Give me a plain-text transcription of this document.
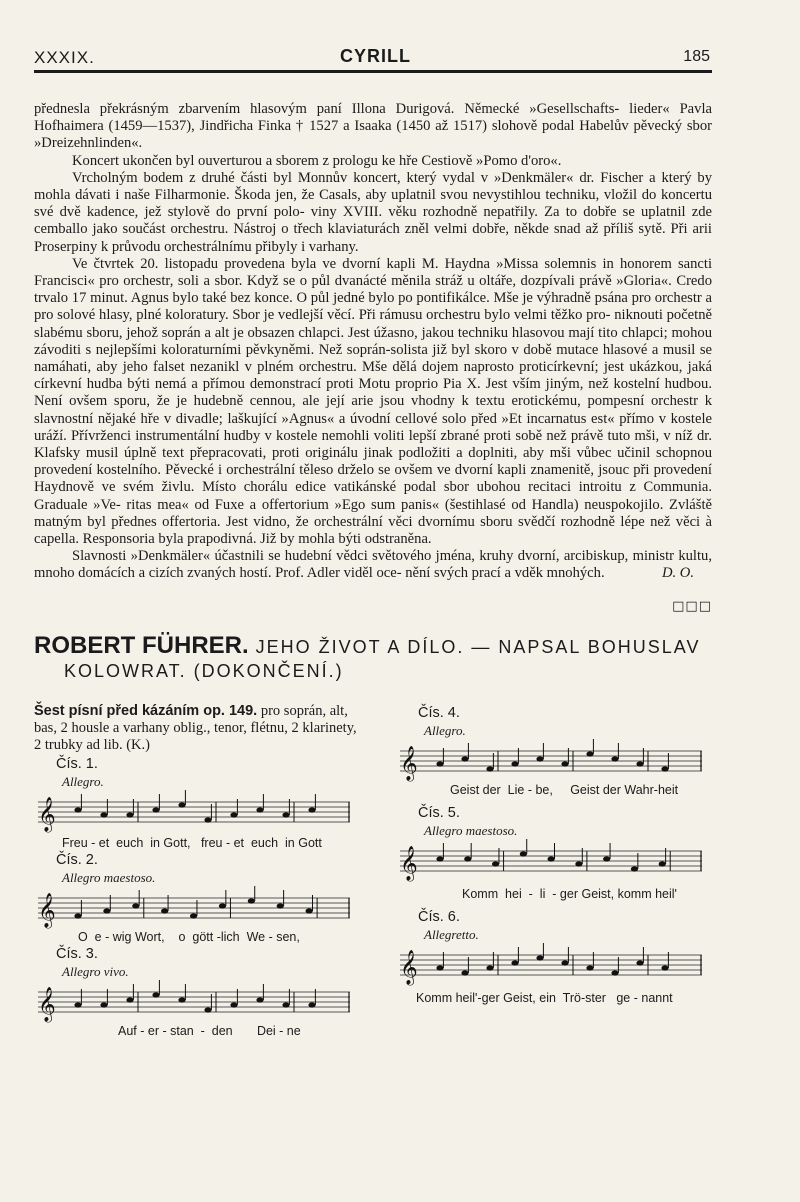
XXXIX.	CYRILL	185

přednesla překrásným zbarvením hlasovým paní Illona Durigová. Německé »Gesellschafts- lieder« Pavla Hofhaimera (1459—1537), Jindřicha Finka † 1527 a Isaaka (1450 až 1517) slohově podal Habelův pěvecký sbor »Dreizehnlinden«.

Koncert ukončen byl ouverturou a sborem z prologu ke hře Cestiově »Pomo d'oro«.

Vrcholným bodem z druhé části byl Monnův koncert, který vydal v »Denkmäler« dr. Fischer a který by mohla dávati i naše Filharmonie. Škoda jen, že Casals, aby uplatnil svou nevystihlou techniku, vložil do koncertu své dvě kadence, jež stylově do první polo- viny XVIII. věku rozhodně nepatřily. Za to dobře se uplatnil zde cemballo jako součást orchestru. Nástroj o třech klaviaturách zněl velmi dobře, někde snad až příliš sytě. Při arii Proserpiny k průvodu orchestrálnímu přibyly i varhany.

Ve čtvrtek 20. listopadu provedena byla ve dvorní kapli M. Haydna »Missa solemnis in honorem sancti Francisci« pro orchestr, soli a sbor. Když se o půl dvanácté měnila stráž u oltáře, dozpívali právě »Gloria«. Credo trvalo 17 minut. Agnus bylo také bez konce. O půl jedné bylo po pontifikálce. Mše je výhradně psána pro orchestr a pro solové hlasy, plné koloratury. Sbor je vedlejší věcí. Při rámusu orchestru bylo velmi těžko pro- niknouti početně slabému sboru, jehož soprán a alt je obsazen chlapci. Jest úžasno, jakou techniku hlasovou mají tito chlapci; mohou závoditi s nejlepšími koloraturními pěvkyněmi. Než soprán-solista již byl skoro v době mutace hlasové a musil se namáhati, aby jeho falset nezanikl v plném orchestru. Mše dělá dojem naprosto proticírkevní; jest ukázkou, jaká církevní hudba býti nemá a přímou demonstrací proti Motu proprio Pia X. Jest vším jiným, než kostelní hudbou. Není ovšem sporu, že je hudebně cennou, ale její arie jsou vhodny k textu erotickému, pompesní orchestr k slavnostní nějaké hře v divadle; laškující »Agnus« a úvodní cellové solo před »Et incarnatus est« přímo v kostele uráží. Přívrženci instrumentální hudby v kostele nemohli voliti lepší zbrané proti sobě než právě tuto mši, v níž dr. Klafsky musil úplně text přepracovati, proti originálu jinak podložiti a doplniti, aby mši vůbec učinil schopnou provedení kostelního. Pěvecké i orchestrální těleso drželo se ovšem ve dvorní kapli znamenitě, jsouc při provedení Haydnově ve svém živlu. Místo chorálu edice vatikánské podal sbor ubohou recitaci introitu z Communia. Graduale »Ve- ritas mea« od Fuxe a offertorium »Ego sum panis« (šestihlasé od Handla) neuspokojilo. Zvláště matným byl přednes offertoria. Jest vidno, že orchestrální věci dvornímu sboru svědčí rozhodně lépe než věci à capella. Responsoria byla prapodivná. Již by mohla býti odstraněna.

Slavnosti »Denkmäler« účastnili se hudební vědci světového jména, kruhy dvorní, arcibiskup, ministr kultu, mnoho domácích a cizích zvaných hostí. Prof. Adler viděl oce- nění svých prací a vděk mnohých.	D. O.

□□□
ROBERT FÜHRER. JEHO ŽIVOT A DÍLO. — NAPSAL BOHUSLAV
KOLOWRAT. (DOKONČENÍ.)
Šest písní před kázáním op. 149. pro soprán, alt, bas, 2 housle a varhany oblig., tenor, flétnu, 2 klarinety, 2 trubky ad lib. (K.)
Čís. 1.
Allegro.
𝄞
Freu - et  euch  in Gott,   freu - et  euch  in Gott
Čís. 2.
Allegro maestoso.
𝄞
O  e - wig Wort,    o  gött -lich  We - sen,
Čís. 3.
Allegro vivo.
𝄞
Auf - er - stan  -  den       Dei - ne
Čís. 4.
Allegro.
𝄞
Geist der  Lie - be,     Geist der Wahr-heit
Čís. 5.
Allegro maestoso.
𝄞
Komm  hei  -  li  - ger Geist, komm heil'
Čís. 6.
Allegretto.
𝄞
Komm heil'-ger Geist, ein  Trö-ster   ge - nannt
